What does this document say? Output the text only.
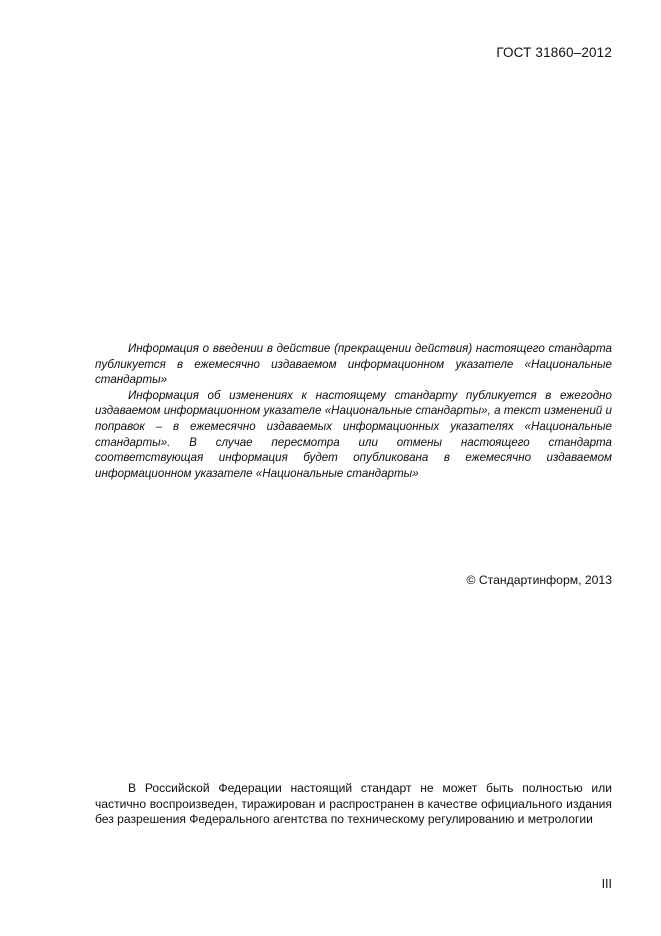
ГОСТ 31860–2012

Информация о введении в действие (прекращении действия) настоящего стандарта публикуется в ежемесячно издаваемом информационном указателе «Национальные стандарты»

Информация об изменениях к настоящему стандарту публикуется в ежегодно издаваемом информационном указателе «Национальные стандарты», а текст изменений и поправок – в ежемесячно издаваемых информационных указателях «Национальные стандарты». В случае пересмотра или отмены настоящего стандарта соответствующая информация будет опубликована в ежемесячно издаваемом информационном указателе «Национальные стандарты»

© Стандартинформ, 2013

В Российской Федерации настоящий стандарт не может быть полностью или частично воспроизведен, тиражирован и распространен в качестве официального издания без разрешения Федерального агентства по техническому регулированию и метрологии

III
